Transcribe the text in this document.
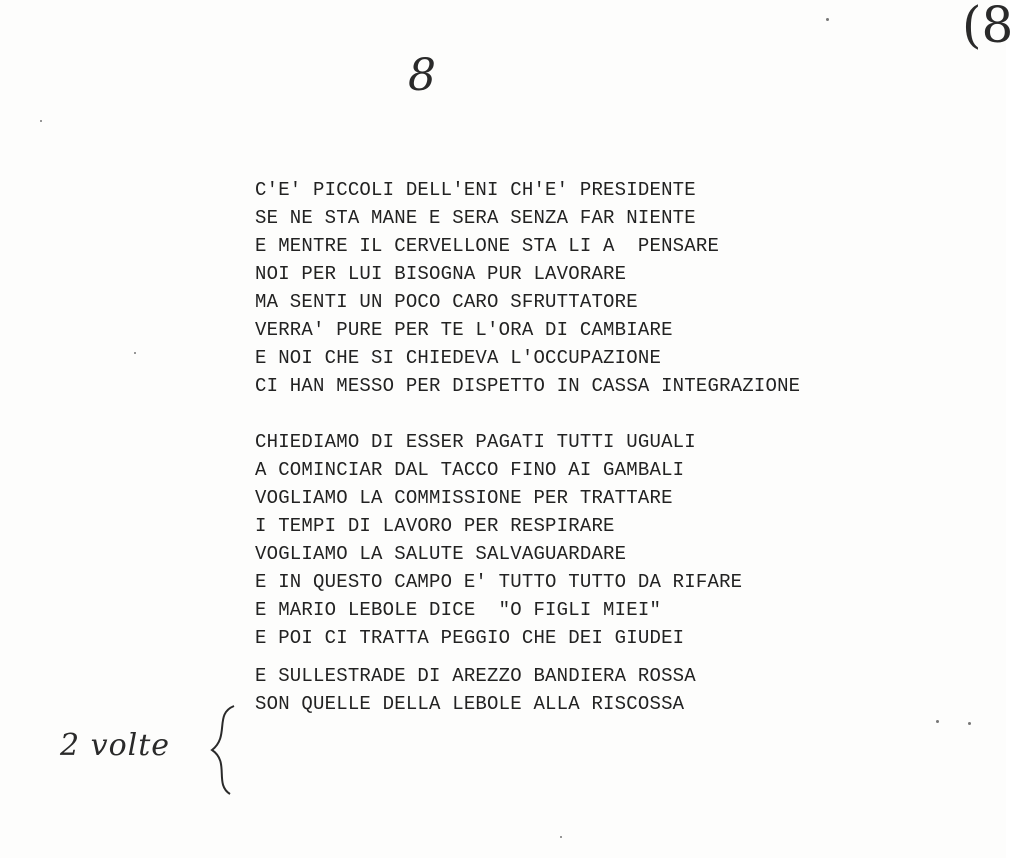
8
(8
C'E' PICCOLI DELL'ENI CH'E' PRESIDENTE
SE NE STA MANE E SERA SENZA FAR NIENTE
E MENTRE IL CERVELLONE STA LI A  PENSARE
NOI PER LUI BISOGNA PUR LAVORARE
MA SENTI UN POCO CARO SFRUTTATORE
VERRA' PURE PER TE L'ORA DI CAMBIARE
E NOI CHE SI CHIEDEVA L'OCCUPAZIONE
CI HAN MESSO PER DISPETTO IN CASSA INTEGRAZIONE
CHIEDIAMO DI ESSER PAGATI TUTTI UGUALI
A COMINCIAR DAL TACCO FINO AI GAMBALI
VOGLIAMO LA COMMISSIONE PER TRATTARE
I TEMPI DI LAVORO PER RESPIRARE
VOGLIAMO LA SALUTE SALVAGUARDARE
E IN QUESTO CAMPO E' TUTTO TUTTO DA RIFARE
E MARIO LEBOLE DICE  "O FIGLI MIEI"
E POI CI TRATTA PEGGIO CHE DEI GIUDEI
E SULLESTRADE DI AREZZO BANDIERA ROSSA
SON QUELLE DELLA LEBOLE ALLA RISCOSSA
2 volte
